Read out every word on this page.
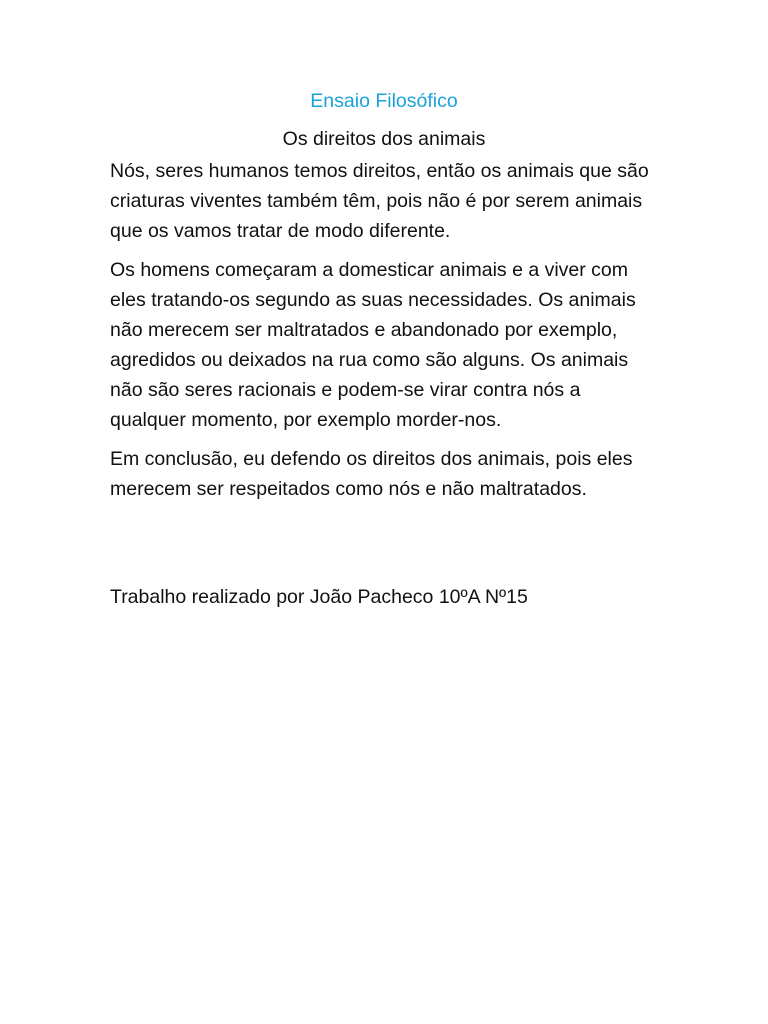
Ensaio Filosófico
Os direitos dos animais

Nós, seres humanos temos direitos, então os animais que são criaturas viventes também têm, pois não é por serem animais que os vamos tratar de modo diferente.

Os homens começaram a domesticar animais e a viver com eles tratando-os segundo as suas necessidades. Os animais não merecem ser maltratados e abandonado por exemplo, agredidos ou deixados na rua como são alguns. Os animais não são seres racionais e podem-se virar contra nós a qualquer momento, por exemplo morder-nos.

Em conclusão, eu defendo os direitos dos animais, pois eles merecem ser respeitados como nós e não maltratados.

Trabalho realizado por João Pacheco 10ºA Nº15
